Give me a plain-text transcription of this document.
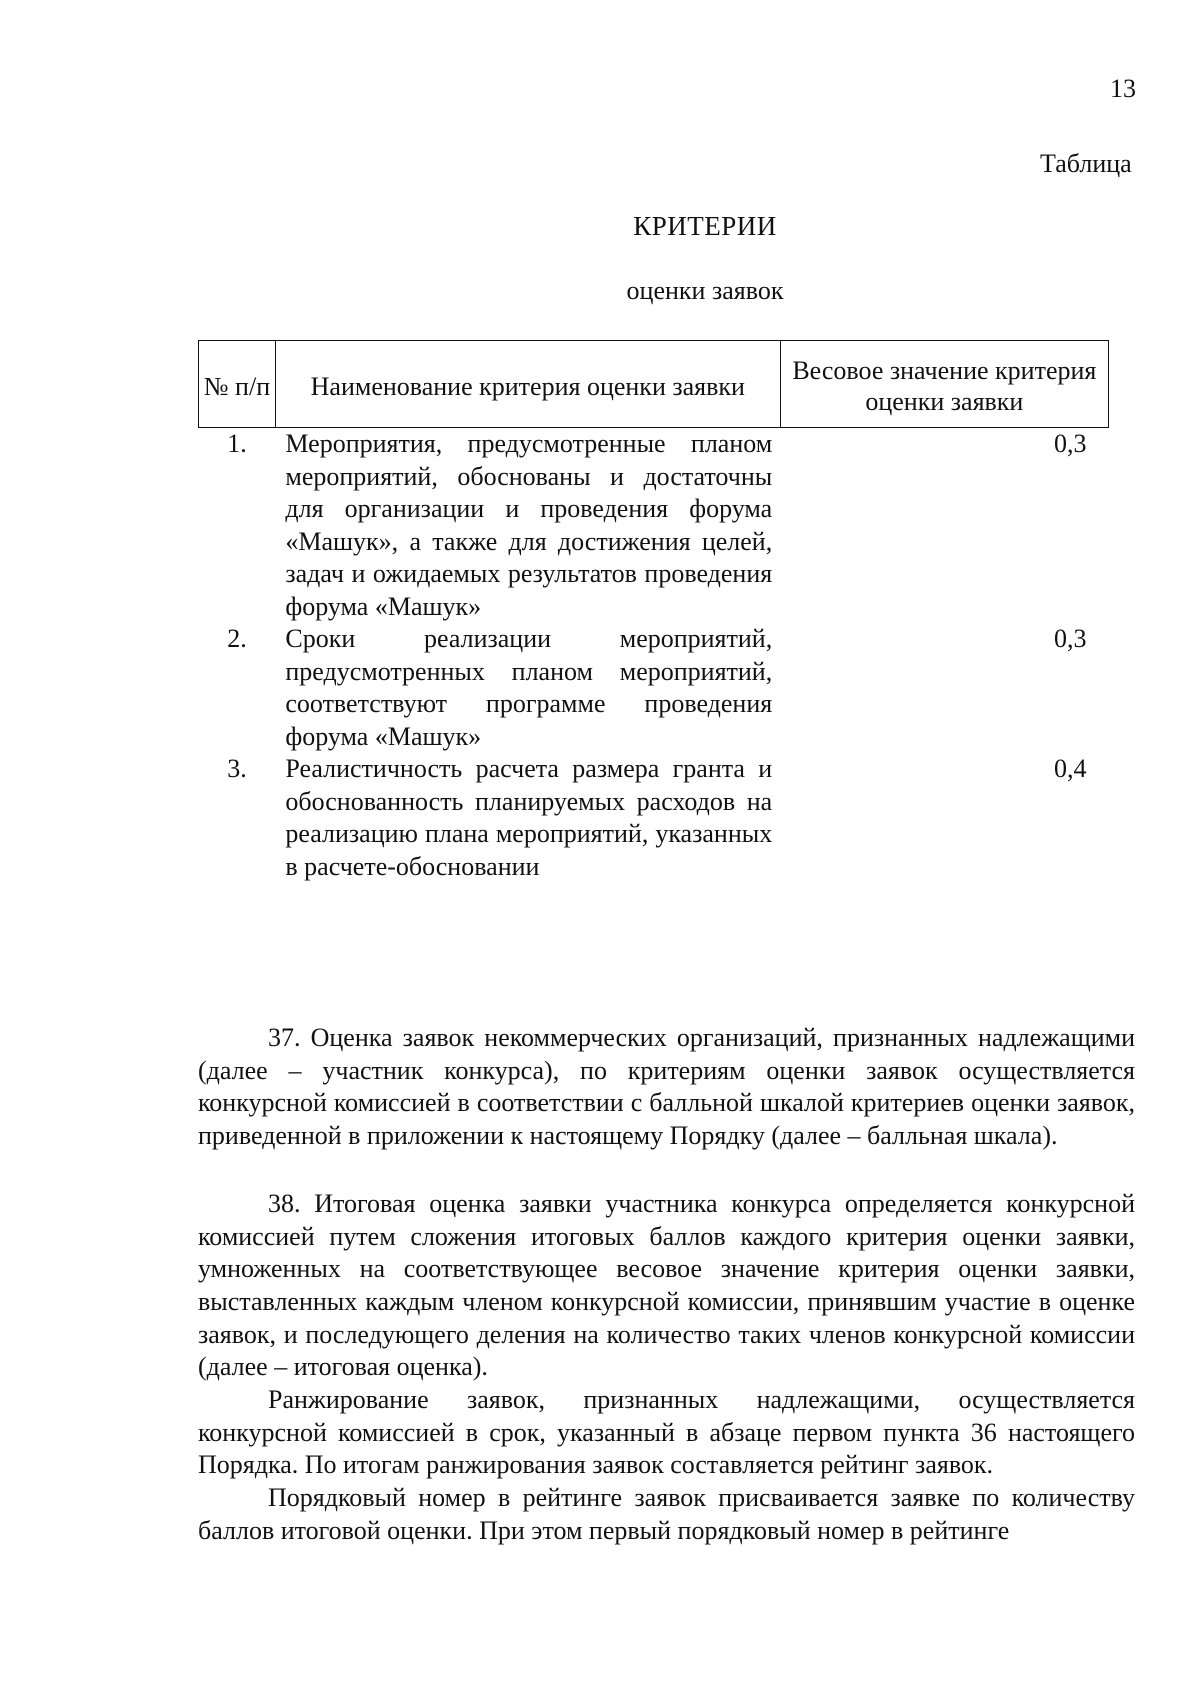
13
Таблица
КРИТЕРИИ
оценки заявок
№ п/п	Наименование критерия оценки заявки	Весовое значение критерия оценки заявки
1.	Мероприятия, предусмотренные планом мероприятий, обоснованы и достаточны для организации и проведения форума «Машук», а также для достижения целей, задач и ожидаемых результатов проведения форума «Машук»	0,3
2.	Сроки реализации мероприятий, предусмотренных планом мероприятий, соответствуют программе проведения форума «Машук»	0,3
3.	Реалистичность расчета размера гранта и обоснованность планируемых расходов на реализацию плана мероприятий, указанных в расчете-обосновании	0,4

37. Оценка заявок некоммерческих организаций, признанных надлежащими (далее – участник конкурса), по критериям оценки заявок осуществляется конкурсной комиссией в соответствии с балльной шкалой критериев оценки заявок, приведенной в приложении к настоящему Порядку (далее – балльная шкала).

38. Итоговая оценка заявки участника конкурса определяется конкурсной комиссией путем сложения итоговых баллов каждого критерия оценки заявки, умноженных на соответствующее весовое значение критерия оценки заявки, выставленных каждым членом конкурсной комиссии, принявшим участие в оценке заявок, и последующего деления на количество таких членов конкурсной комиссии (далее – итоговая оценка).

Ранжирование заявок, признанных надлежащими, осуществляется конкурсной комиссией в срок, указанный в абзаце первом пункта 36 настоящего Порядка. По итогам ранжирования заявок составляется рейтинг заявок.

Порядковый номер в рейтинге заявок присваивается заявке по количеству баллов итоговой оценки. При этом первый порядковый номер в рейтинге
